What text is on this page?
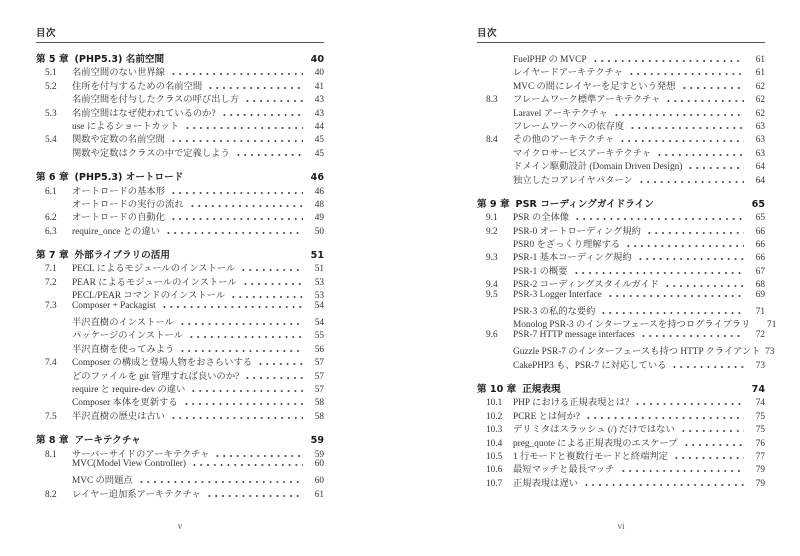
目次
第 5 章 (PHP5.3) 名前空間	40
5.1	名前空間のない世界線	40
5.2	住所を付与するための名前空間	41
名前空間を付与したクラスの呼び出し方	43
5.3	名前空間はなぜ使われているのか?	43
use によるショートカット	44
5.4	関数や定数の名前空間	45
関数や定数はクラスの中で定義しよう	45
第 6 章 (PHP5.3) オートロード	46
6.1	オートロードの基本形	46
オートロードの実行の流れ	48
6.2	オートロードの自動化	49
6.3	require_once との違い	50
第 7 章 外部ライブラリの活用	51
7.1	PECL によるモジュールのインストール	51
7.2	PEAR によるモジュールのインストール	53
PECL/PEAR コマンドのインストール	53
7.3	Composer + Packagist	54
半沢直樹のインストール	54
パッケージのインストール	55
半沢直樹を使ってみよう	56
7.4	Composer の構成と登場人物をおさらいする	57
どのファイルを git 管理すれば良いのか?	57
require と require-dev の違い	57
Composer 本体を更新する	58
7.5	半沢直樹の歴史は古い	58
第 8 章 アーキテクチャ	59
8.1	サーバーサイドのアーキテクチャ	59
MVC(Model View Controller)	60
MVC の問題点	60
8.2	レイヤー追加系アーキテクチャ	61
v
目次
FuelPHP の MVCP	61
レイヤードアーキテクチャ	61
MVC の間にレイヤーを足すという発想	62
8.3	フレームワーク標準アーキテクチャ	62
Laravel アーキテクチャ	62
フレームワークへの依存度	63
8.4	その他のアーキテクチャ	63
マイクロサービスアーキテクチャ	63
ドメイン駆動設計 (Domain Driven Design)	64
独立したコアレイヤパターン	64
第 9 章 PSR コーディングガイドライン	65
9.1	PSR の全体像	65
9.2	PSR-0 オートローディング規約	66
PSR0 をざっくり理解する	66
9.3	PSR-1 基本コーディング規約	66
PSR-1 の概要	67
9.4	PSR-2 コーディングスタイルガイド	68
9.5	PSR-3 Logger Interface	69
PSR-3 の私的な要約	71
Monolog PSR-3 のインターフェースを持つログライブラリ	71
9.6	PSR-7 HTTP message interfaces	72
Guzzle PSR-7 のインターフェースも持つ HTTP クライアント 73
CakePHP3 も、PSR-7 に対応している	73
第 10 章 正規表現	74
10.1	PHP における正規表現とは?	74
10.2	PCRE とは何か?	75
10.3	デリミタはスラッシュ (/) だけではない	75
10.4	preg_quote による正規表現のエスケープ	76
10.5	1 行モードと複数行モードと終端判定	77
10.6	最短マッチと最長マッチ	79
10.7	正規表現は遅い	79
vi
